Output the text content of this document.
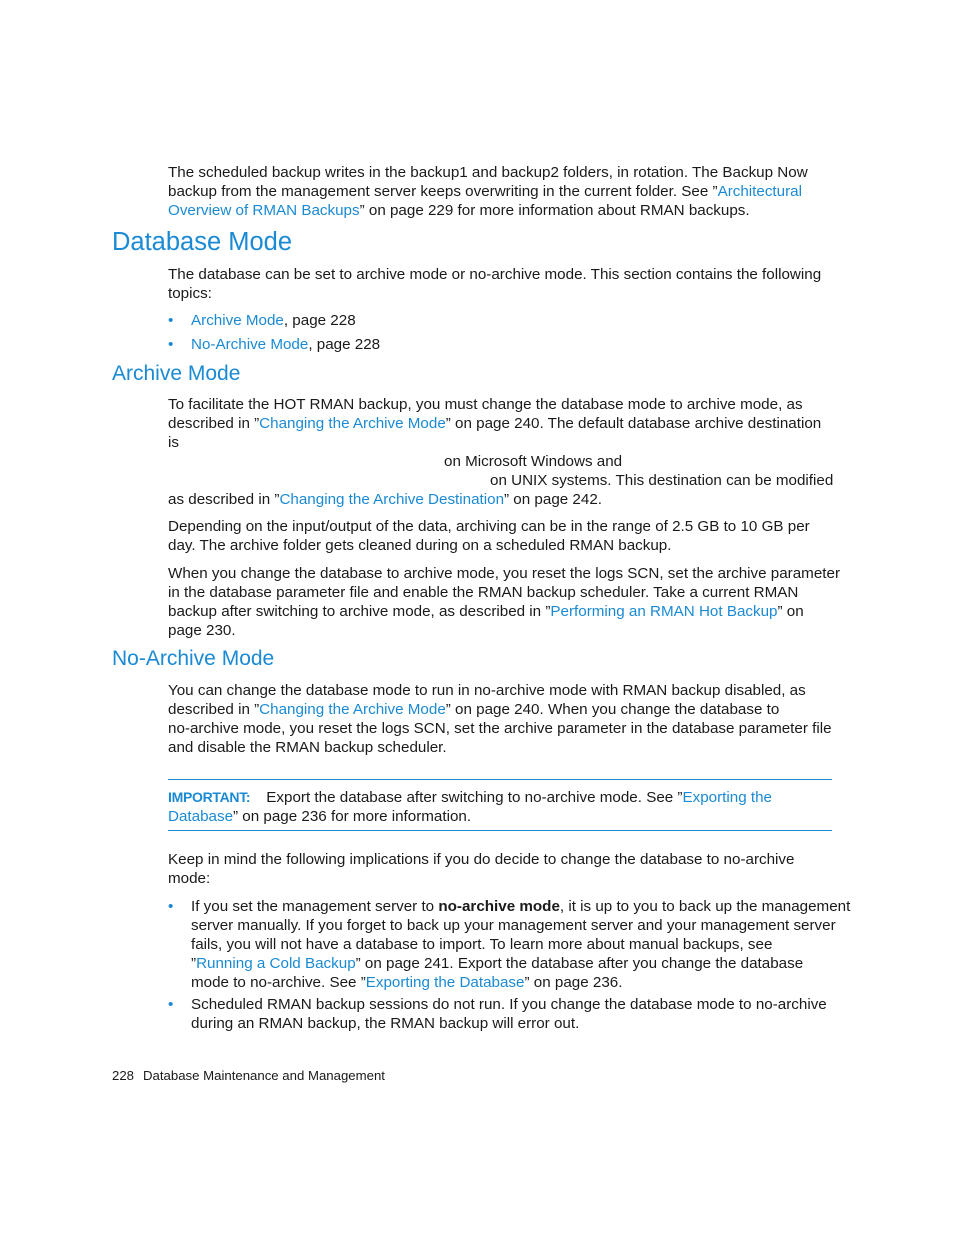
The scheduled backup writes in the backup1 and backup2 folders, in rotation. The Backup Now
backup from the management server keeps overwriting in the current folder. See ”Architectural
Overview of RMAN Backups” on page 229 for more information about RMAN backups.
Database Mode
The database can be set to archive mode or no-archive mode. This section contains the following
topics:
• Archive Mode, page 228
• No-Archive Mode, page 228
Archive Mode
To facilitate the HOT RMAN backup, you must change the database mode to archive mode, as
described in ”Changing the Archive Mode” on page 240. The default database archive destination
is
on Microsoft Windows and
on UNIX systems. This destination can be modified
as described in ”Changing the Archive Destination” on page 242.
Depending on the input/output of the data, archiving can be in the range of 2.5 GB to 10 GB per
day. The archive folder gets cleaned during on a scheduled RMAN backup.
When you change the database to archive mode, you reset the logs SCN, set the archive parameter
in the database parameter file and enable the RMAN backup scheduler. Take a current RMAN
backup after switching to archive mode, as described in ”Performing an RMAN Hot Backup” on
page 230.
No-Archive Mode
You can change the database mode to run in no-archive mode with RMAN backup disabled, as
described in ”Changing the Archive Mode” on page 240. When you change the database to
no-archive mode, you reset the logs SCN, set the archive parameter in the database parameter file
and disable the RMAN backup scheduler.
IMPORTANT: Export the database after switching to no-archive mode. See ”Exporting the
Database” on page 236 for more information.
Keep in mind the following implications if you do decide to change the database to no-archive
mode:
• If you set the management server to no-archive mode, it is up to you to back up the management
server manually. If you forget to back up your management server and your management server
fails, you will not have a database to import. To learn more about manual backups, see
”Running a Cold Backup” on page 241. Export the database after you change the database
mode to no-archive. See ”Exporting the Database” on page 236.
• Scheduled RMAN backup sessions do not run. If you change the database mode to no-archive
during an RMAN backup, the RMAN backup will error out.
228 Database Maintenance and Management
